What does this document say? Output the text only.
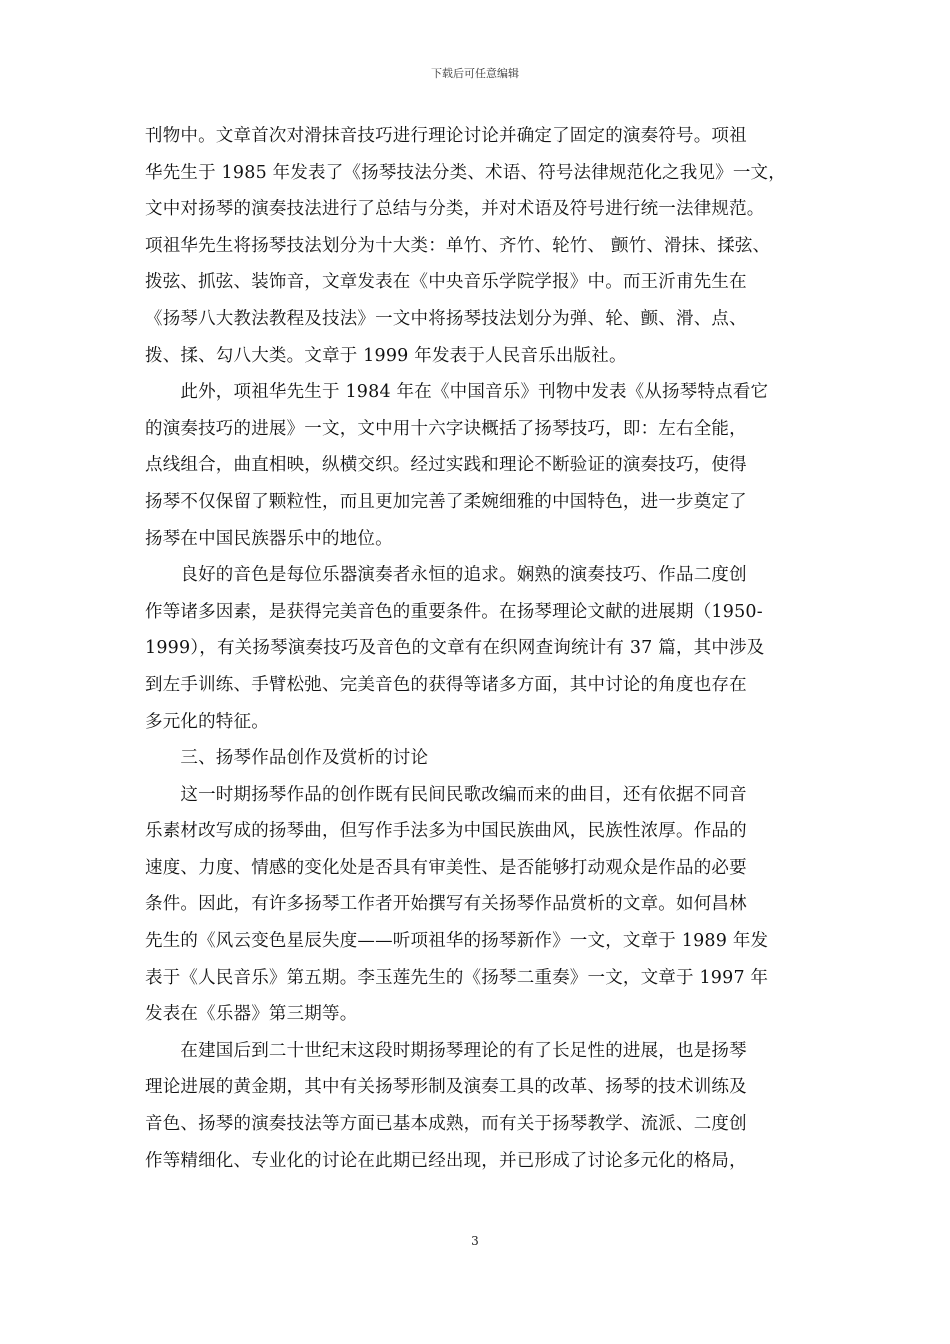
下载后可任意编辑
刊物中。文章首次对滑抹音技巧进行理论讨论并确定了固定的演奏符号。项祖
华先生于 1985 年发表了《扬琴技法分类、术语、符号法律规范化之我见》一文，
文中对扬琴的演奏技法进行了总结与分类，并对术语及符号进行统一法律规范。
项祖华先生将扬琴技法划分为十大类：单竹、齐竹、轮竹、 颤竹、滑抹、揉弦、
拨弦、抓弦、装饰音，文章发表在《中央音乐学院学报》中。而王沂甫先生在
《扬琴八大教法教程及技法》一文中将扬琴技法划分为弹、轮、颤、滑、点、
拨、揉、勾八大类。文章于 1999 年发表于人民音乐出版社。
　　此外，项祖华先生于 1984 年在《中国音乐》刊物中发表《从扬琴特点看它
的演奏技巧的进展》一文，文中用十六字诀概括了扬琴技巧，即：左右全能，
点线组合，曲直相映，纵横交织。经过实践和理论不断验证的演奏技巧，使得
扬琴不仅保留了颗粒性，而且更加完善了柔婉细雅的中国特色，进一步奠定了
扬琴在中国民族器乐中的地位。
　　良好的音色是每位乐器演奏者永恒的追求。娴熟的演奏技巧、作品二度创
作等诸多因素，是获得完美音色的重要条件。在扬琴理论文献的进展期（1950-
1999），有关扬琴演奏技巧及音色的文章有在织网查询统计有 37 篇，其中涉及
到左手训练、手臂松弛、完美音色的获得等诸多方面，其中讨论的角度也存在
多元化的特征。
　　三、扬琴作品创作及赏析的讨论
　　这一时期扬琴作品的创作既有民间民歌改编而来的曲目，还有依据不同音
乐素材改写成的扬琴曲，但写作手法多为中国民族曲风，民族性浓厚。作品的
速度、力度、情感的变化处是否具有审美性、是否能够打动观众是作品的必要
条件。因此，有许多扬琴工作者开始撰写有关扬琴作品赏析的文章。如何昌林
先生的《风云变色星辰失度——听项祖华的扬琴新作》一文，文章于 1989 年发
表于《人民音乐》第五期。李玉莲先生的《扬琴二重奏》一文，文章于 1997 年
发表在《乐器》第三期等。
　　在建国后到二十世纪末这段时期扬琴理论的有了长足性的进展，也是扬琴
理论进展的黄金期，其中有关扬琴形制及演奏工具的改革、扬琴的技术训练及
音色、扬琴的演奏技法等方面已基本成熟，而有关于扬琴教学、流派、二度创
作等精细化、专业化的讨论在此期已经出现，并已形成了讨论多元化的格局，
3
